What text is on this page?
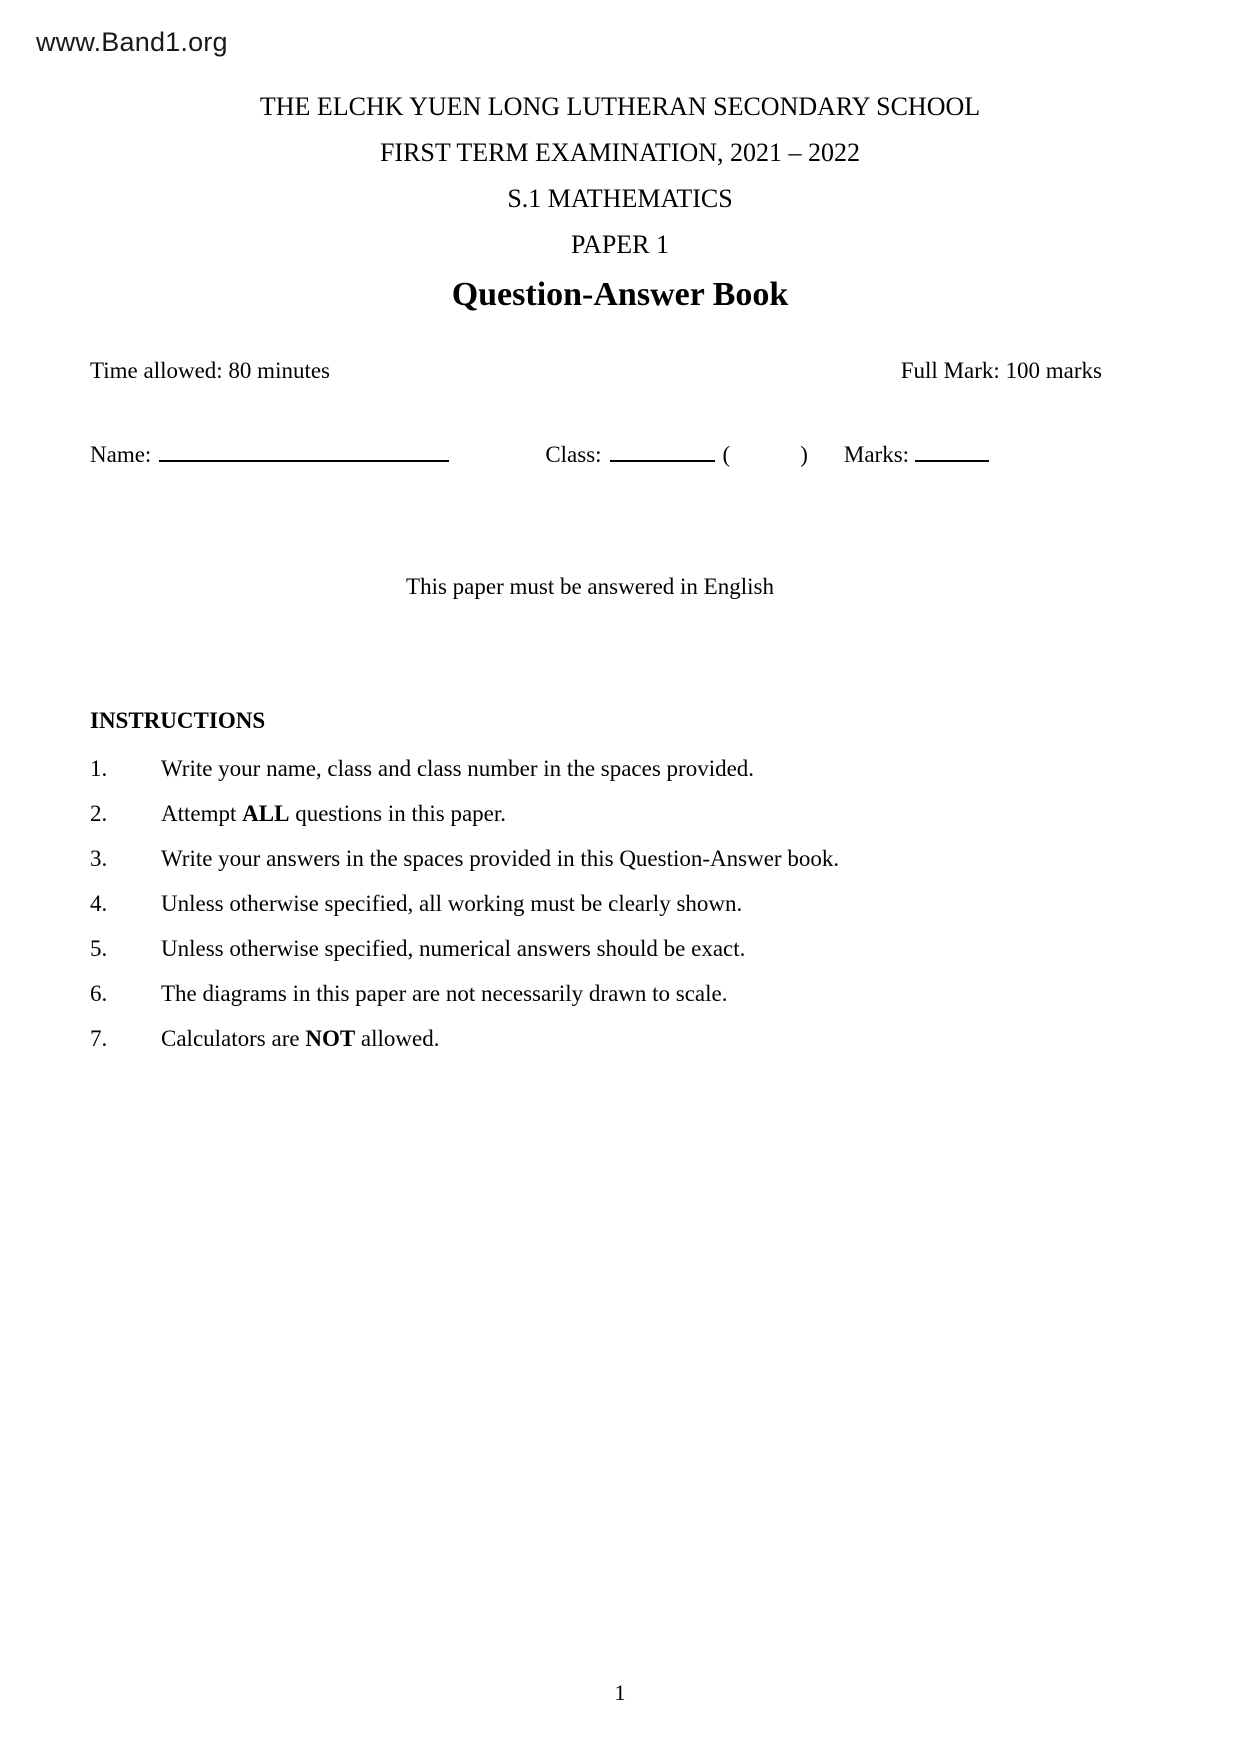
www.Band1.org
THE ELCHK YUEN LONG LUTHERAN SECONDARY SCHOOL
FIRST TERM EXAMINATION, 2021 – 2022
S.1 MATHEMATICS
PAPER 1
Question-Answer Book
Time allowed: 80 minutes	Full Mark: 100 marks
Name:	Class:	(	) Marks:
This paper must be answered in English
INSTRUCTIONS
1.	Write your name, class and class number in the spaces provided.
2.	Attempt ALL questions in this paper.
3.	Write your answers in the spaces provided in this Question-Answer book.
4.	Unless otherwise specified, all working must be clearly shown.
5.	Unless otherwise specified, numerical answers should be exact.
6.	The diagrams in this paper are not necessarily drawn to scale.
7.	Calculators are NOT allowed.
1
